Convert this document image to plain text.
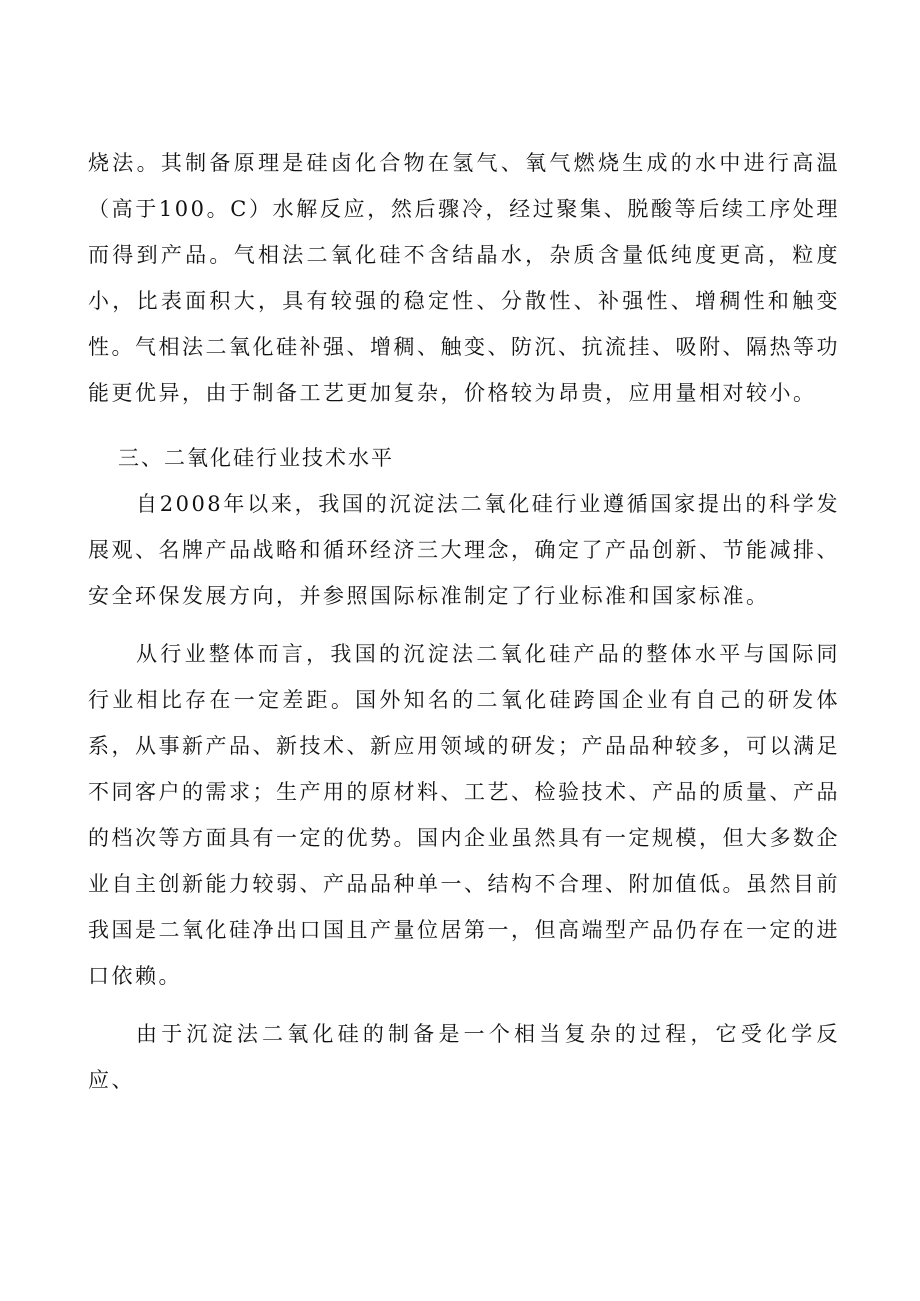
烧法。其制备原理是硅卤化合物在氢气、氧气燃烧生成的水中进行高温（高于100。C）水解反应，然后骤冷，经过聚集、脱酸等后续工序处理而得到产品。气相法二氧化硅不含结晶水，杂质含量低纯度更高，粒度小，比表面积大，具有较强的稳定性、分散性、补强性、增稠性和触变性。气相法二氧化硅补强、增稠、触变、防沉、抗流挂、吸附、隔热等功能更优异，由于制备工艺更加复杂，价格较为昂贵，应用量相对较小。

三、二氧化硅行业技术水平

自2008年以来，我国的沉淀法二氧化硅行业遵循国家提出的科学发展观、名牌产品战略和循环经济三大理念，确定了产品创新、节能减排、安全环保发展方向，并参照国际标准制定了行业标准和国家标准。

从行业整体而言，我国的沉淀法二氧化硅产品的整体水平与国际同行业相比存在一定差距。国外知名的二氧化硅跨国企业有自己的研发体系，从事新产品、新技术、新应用领域的研发；产品品种较多，可以满足不同客户的需求；生产用的原材料、工艺、检验技术、产品的质量、产品的档次等方面具有一定的优势。国内企业虽然具有一定规模，但大多数企业自主创新能力较弱、产品品种单一、结构不合理、附加值低。虽然目前我国是二氧化硅净出口国且产量位居第一，但高端型产品仍存在一定的进口依赖。

由于沉淀法二氧化硅的制备是一个相当复杂的过程，它受化学反应、
